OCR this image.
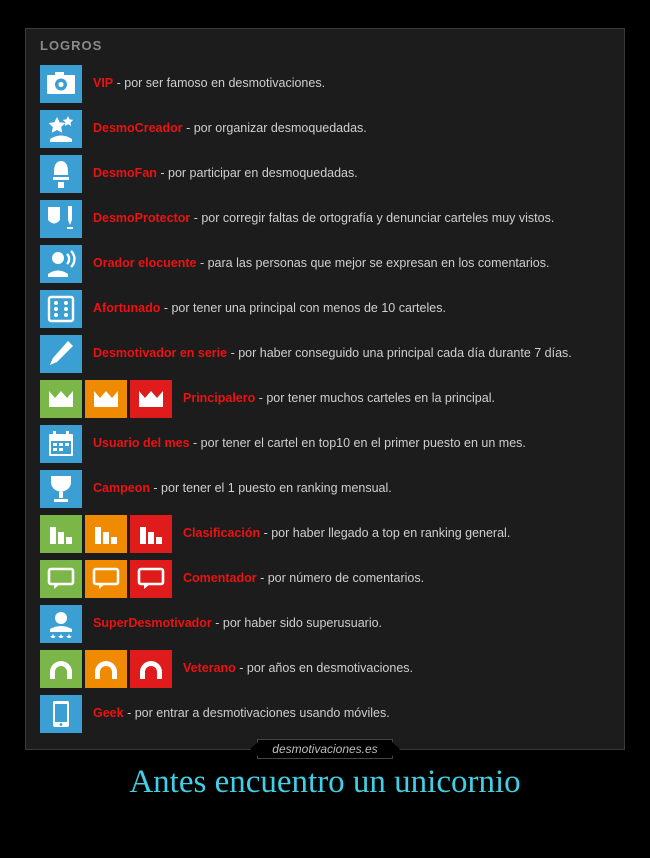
LOGROS
VIP - por ser famoso en desmotivaciones.
DesmoCreador - por organizar desmoquedadas.
DesmoFan - por participar en desmoquedadas.
DesmoProtector - por corregir faltas de ortografía y denunciar carteles muy vistos.
Orador elocuente - para las personas que mejor se expresan en los comentarios.
Afortunado - por tener una principal con menos de 10 carteles.
Desmotivador en serie - por haber conseguido una principal cada día durante 7 días.
Principalero - por tener muchos carteles en la principal.
Usuario del mes - por tener el cartel en top10 en el primer puesto en un mes.
Campeon - por tener el 1 puesto en ranking mensual.
Clasificación - por haber llegado a top en ranking general.
Comentador - por número de comentarios.
SuperDesmotivador - por haber sido superusuario.
Veterano - por años en desmotivaciones.
Geek - por entrar a desmotivaciones usando móviles.
desmotivaciones.es
Antes encuentro un unicornio
